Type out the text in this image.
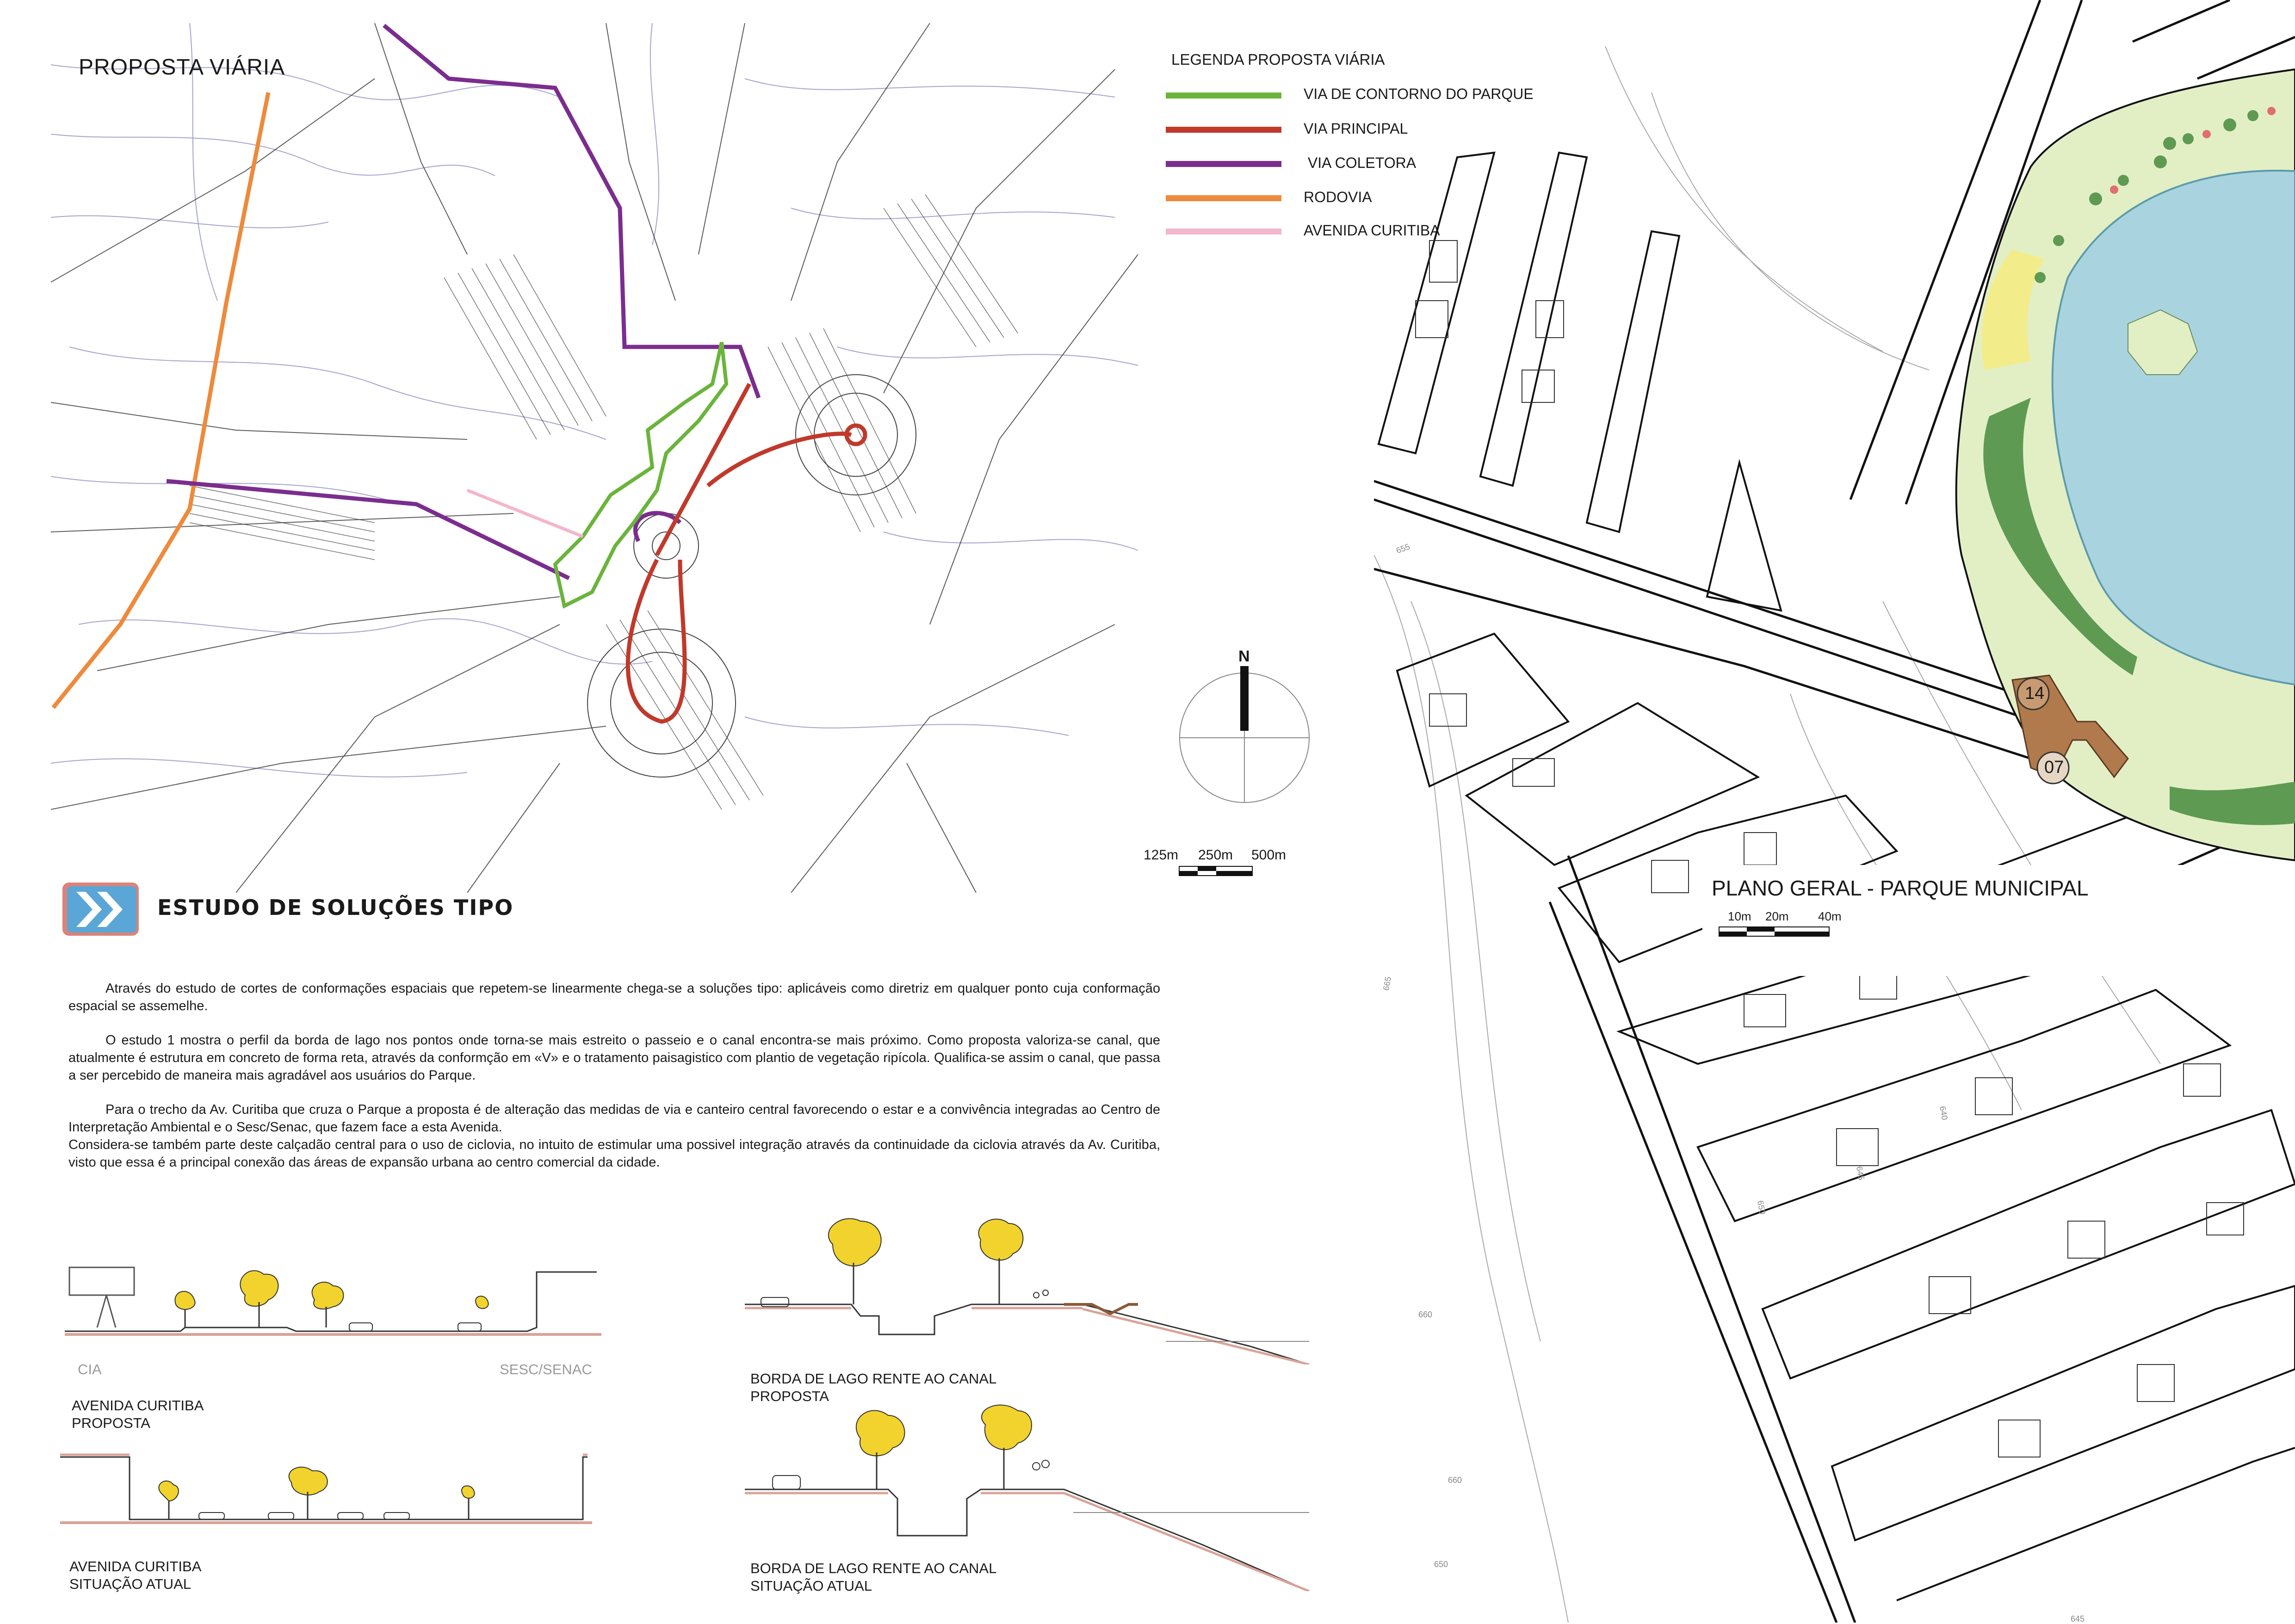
PROPOSTA VIÁRIA	LEGENDA PROPOSTA VIÁRIA
VIA DE CONTORNO DO PARQUE
VIA PRINCIPAL
VIA COLETORA
RODOVIA
AVENIDA CURITIBA
N
125m 250m 500m
ESTUDO DE SOLUÇÕES TIPO

Através do estudo de cortes de conformações espaciais que repetem-se linearmente chega-se a soluções tipo: aplicáveis como diretriz em qualquer ponto cuja conformação espacial se assemelhe.

O estudo 1 mostra o perfil da borda de lago nos pontos onde torna-se mais estreito o passeio e o canal encontra-se mais próximo. Como proposta valoriza-se canal, que atualmente é estrutura em concreto de forma reta, através da conformção em «V» e o tratamento paisagistico com plantio de vegetação ripícola. Qualifica-se assim o canal, que passa a ser percebido de maneira mais agradável aos usuários do Parque.

Para o trecho da Av. Curitiba que cruza o Parque a proposta é de alteração das medidas de via e canteiro central favorecendo o estar e a convivência integradas ao Centro de Interpretação Ambiental e o Sesc/Senac, que fazem face a esta Avenida.

Considera-se também parte deste calçadão central para o uso de ciclovia, no intuito de estimular uma possivel integração através da continuidade da ciclovia através da Av. Curitiba, visto que essa é a principal conexão das áreas de expansão urbana ao centro comercial da cidade.

CIA	SESC/SENAC
AVENIDA CURITIBA
PROPOSTA
AVENIDA CURITIBA
SITUAÇÃO ATUAL
BORDA DE LAGO RENTE AO CANAL
PROPOSTA
BORDA DE LAGO RENTE AO CANAL
SITUAÇÃO ATUAL
14
07
655
665
660
660
650
640
645
650
645
PLANO GERAL - PARQUE MUNICIPAL
10m 20m 40m
